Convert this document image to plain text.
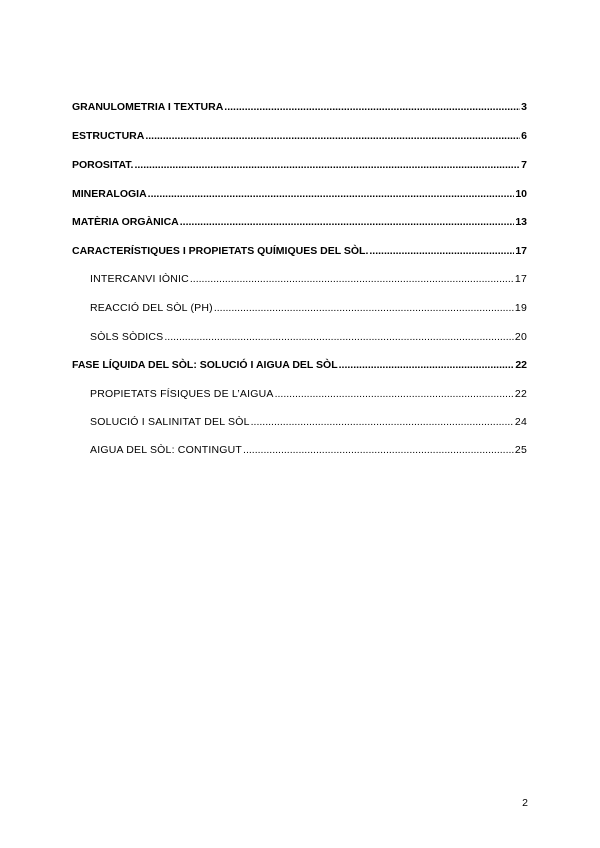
GRANULOMETRIA I TEXTURA .....	3
ESTRUCTURA .....	6
POROSITAT. .....	7
MINERALOGIA .....	10
MATÈRIA ORGÀNICA .....	13
CARACTERÍSTIQUES I PROPIETATS QUÍMIQUES DEL SÒL. .....	17
INTERCANVI IÒNIC .....	17
REACCIÓ DEL SÒL (PH) .....	19
SÒLS SÒDICS .....	20
FASE LÍQUIDA DEL SÒL: SOLUCIÓ I AIGUA DEL SÒL .....	22
PROPIETATS FÍSIQUES DE L’AIGUA .....	22
SOLUCIÓ I SALINITAT DEL SÒL .....	24
AIGUA DEL SÒL: CONTINGUT .....	25
2
